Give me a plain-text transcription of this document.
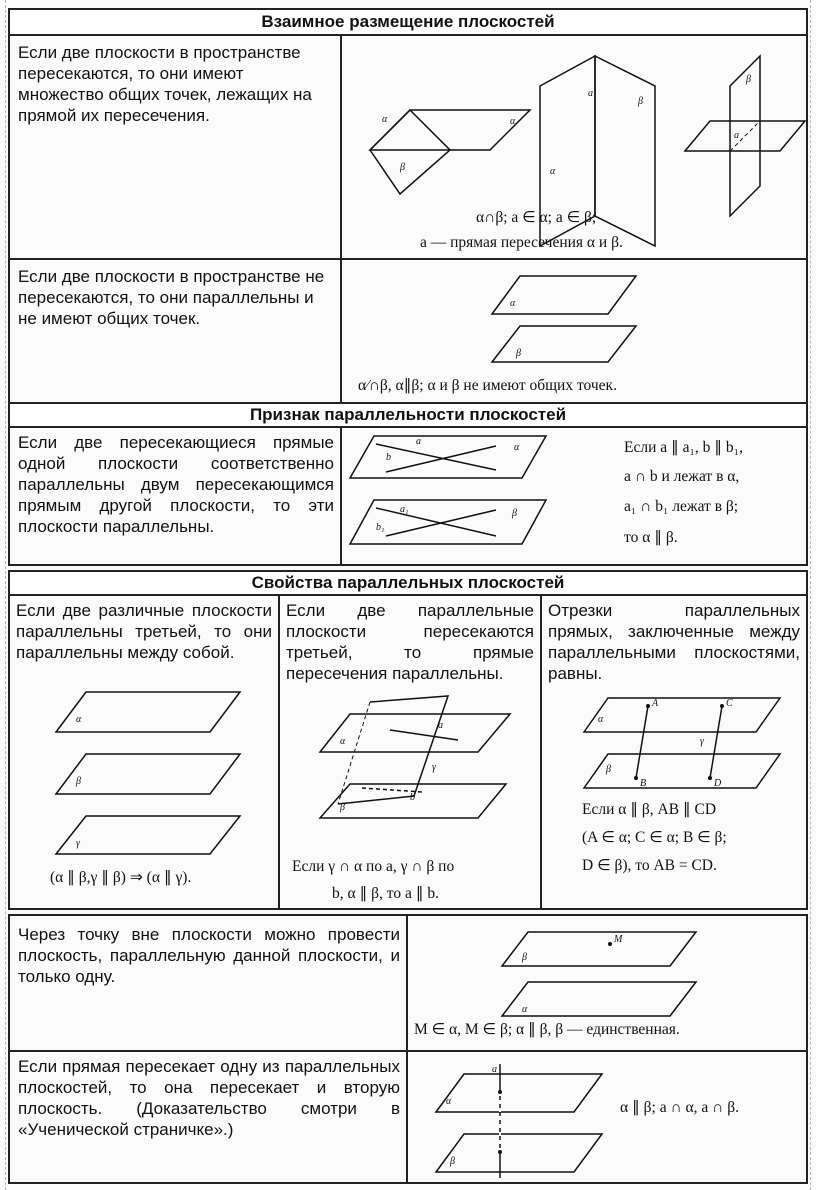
Взаимное размещение плоскостей
Если две плоскости в пространстве пересекаются, то они имеют множество общих точек, лежащих на прямой их пересечения.
Если две плоскости в пространстве не пересекаются, то они параллельны и не имеют общих точек.
α	α
β
a
β
α
β
a
α∩β; a ∈ α; a ∈ β;
a — прямая пересечения α и β.
α
β
α∕∩β, α∥β; α и β не имеют общих точек.
Признак параллельности плоскостей
Если две пересекающиеся прямые одной плоскости соответственно параллельны двум пересекающимся прямым другой плоскости, то эти плоскости параллельны.
a
b
α
a₁
b₁
β
Если a ∥ a₁, b ∥ b₁,
a ∩ b и лежат в α,
a₁ ∩ b₁ лежат в β;
то α ∥ β.
Свойства параллельных плоскостей
Если две различные плоскости параллельны третьей, то они параллельны между собой.
Если две параллельные плоскости пересекаются третьей, то прямые пересечения параллельны.
Отрезки параллельных прямых, заключенные между параллельными плоскостями, равны.
α
β
γ
(α ∥ β,γ ∥ β) ⇒ (α ∥ γ).
α
a
γ
b
β
Если γ ∩ α по a, γ ∩ β по
b, α ∥ β, то a ∥ b.
A	C
B	D
α
β
γ
Если α ∥ β, AB ∥ CD
(A ∈ α; C ∈ α; B ∈ β;
D ∈ β), то AB = CD.
Через точку вне плоскости можно провести плоскость, параллельную данной плоскости, и только одну.
M
β
α
M ∈ α, M ∈ β; α ∥ β, β — единственная.
Если прямая пересекает одну из параллельных плоскостей, то она пересекает и вторую плоскость. (Доказательство смотри в «Ученической страничке».)
a
α
β
α ∥ β; a ∩ α, a ∩ β.
